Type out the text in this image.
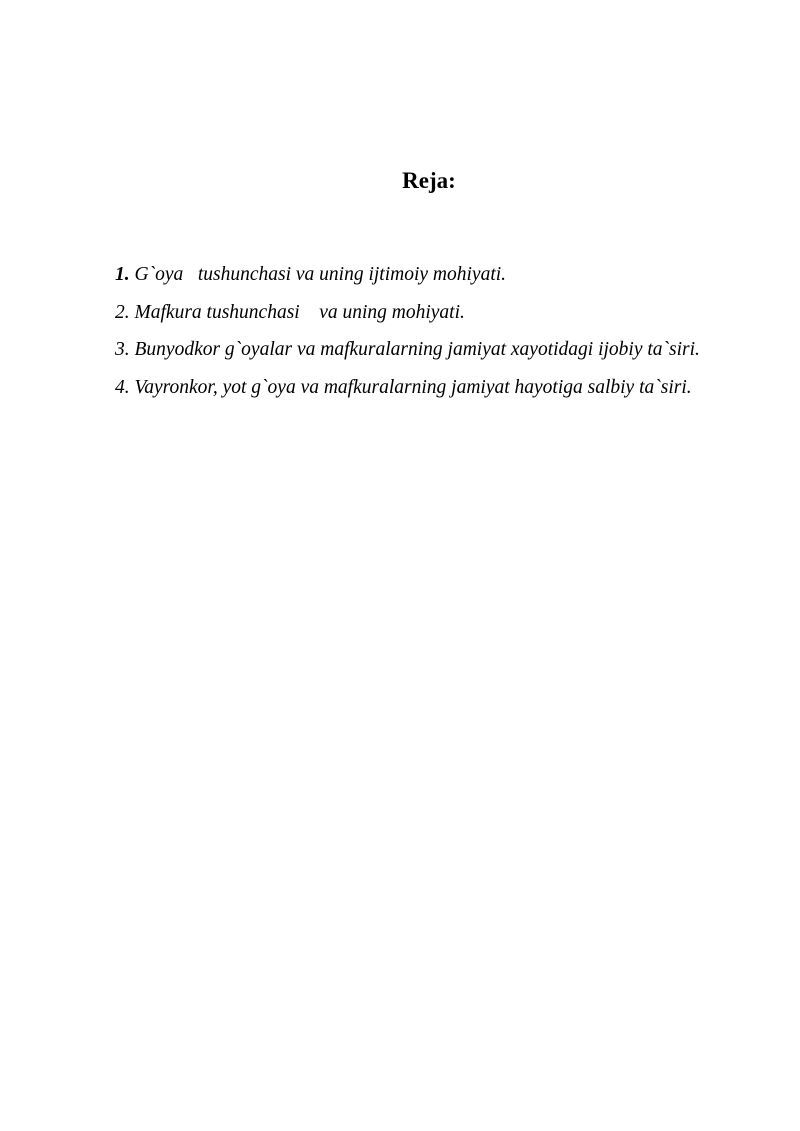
Reja:
1. G`oya   tushunchasi va uning ijtimoiy mohiyati.
2. Mafkura tushunchasi    va uning mohiyati.
3. Bunyodkor g`oyalar va mafkuralarning jamiyat xayotidagi ijobiy ta`siri.
4. Vayronkor, yot g`oya va mafkuralarning jamiyat hayotiga salbiy ta`siri.
